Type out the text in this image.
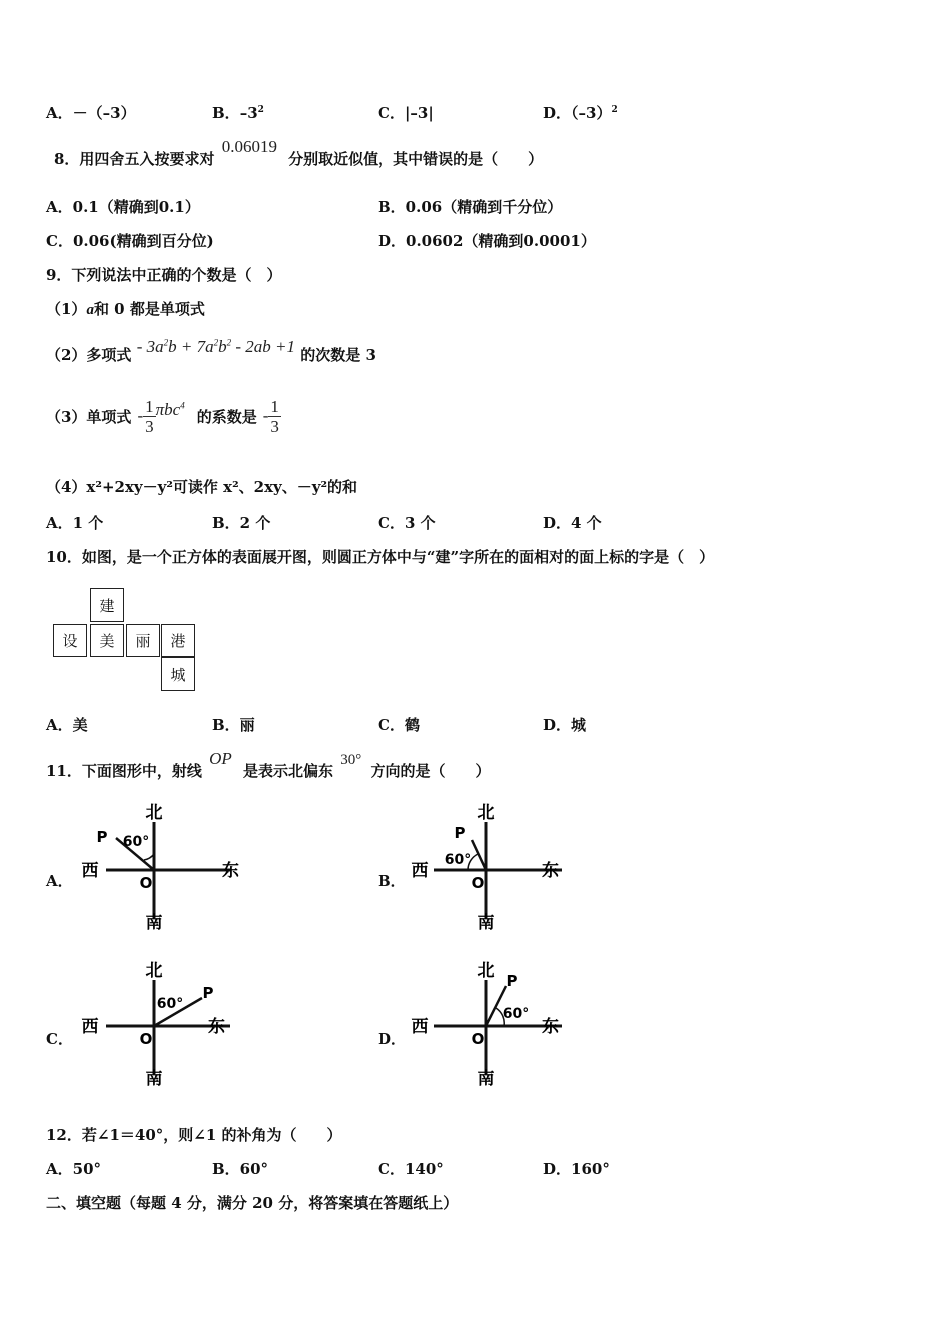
A．－（–3）	B．$-3^2$	C．|–3|	D．$(-3)^2$
8．用四舍五入按要求对 0.06019 分别取近似值，其中错误的是（　　）
A．0.1（精确到0.1）	B．0.06（精确到千分位）
C．0.06(精确到百分位)	D．0.0602（精确到0.0001）
9．下列说法中正确的个数是（　）
（1）a和 0 都是单项式
（2）多项式 - $3a^2b + 7a^2b^2 - 2ab +1$ 的次数是 3
（3）单项式 - $\frac{1}{3} \pi bc^4$
的系数是 - $\frac{1}{3}$
（4）x²+2xy－y²可读作 x²、2xy、－y²的和
A．1 个	B．2 个	C．3 个	D．4 个
10．如图，是一个正方体的表面展开图，则圆正方体中与“建”字所在的面相对的面上标的字是（　）
建
设	美	丽	港
城
A．美	B．丽	C．鹤	D．城
11．下面图形中，射线 OP 是表示北偏东 30° 方向的是（　　）
A．	B．
C．	D．
北
南
西	东
O
P 60°
北
南
西	东
O
P
60°
北
南
西	东
O
P
60°
北
南
西	东
O
P
60°
12．若∠1＝40°，则∠1 的补角为（　　）
A．50°	B．60°	C．140°	D．160°
二、填空题（每题 4 分，满分 20 分，将答案填在答题纸上）
